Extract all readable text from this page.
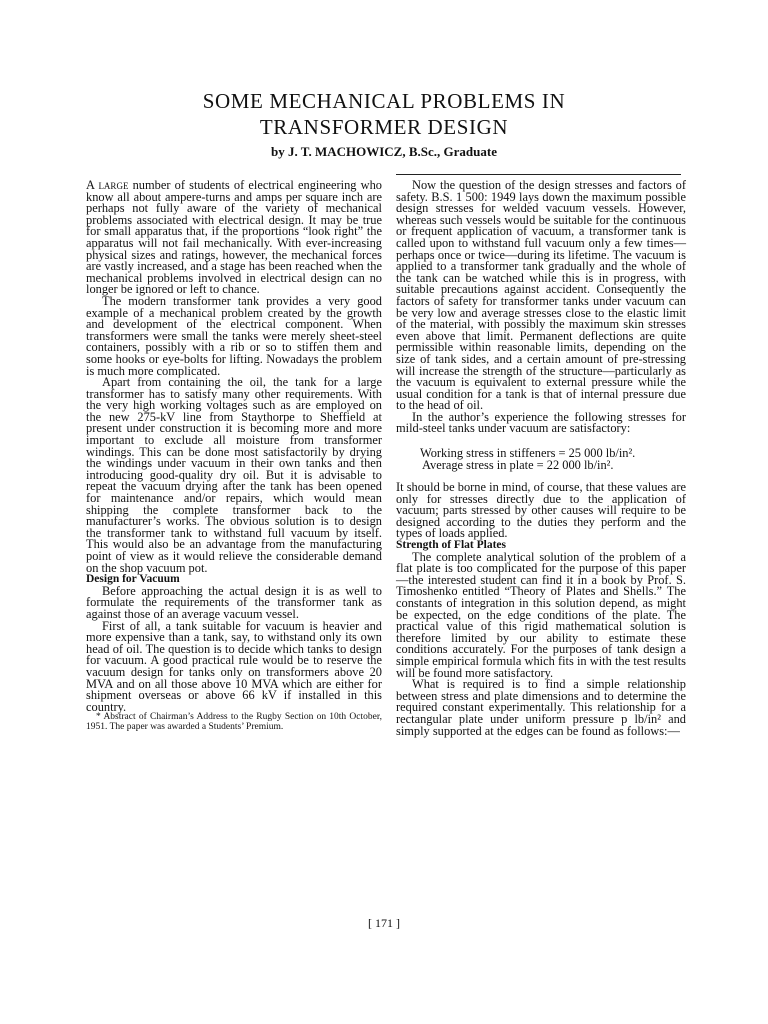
SOME MECHANICAL PROBLEMS IN
TRANSFORMER DESIGN
by J. T. MACHOWICZ, B.Sc., Graduate

A large number of students of electrical engineering who know all about ampere-turns and amps per square inch are perhaps not fully aware of the variety of mechanical problems associated with electrical design. It may be true for small apparatus that, if the proportions “look right” the apparatus will not fail mechanically. With ever-increasing physical sizes and ratings, however, the mechanical forces are vastly increased, and a stage has been reached when the mechanical problems involved in electrical design can no longer be ignored or left to chance.

The modern transformer tank provides a very good example of a mechanical problem created by the growth and development of the electrical component. When transformers were small the tanks were merely sheet-steel containers, possibly with a rib or so to stiffen them and some hooks or eye-bolts for lifting. Nowadays the problem is much more complicated.

Apart from containing the oil, the tank for a large transformer has to satisfy many other requirements. With the very high working voltages such as are employed on the new 275-kV line from Staythorpe to Sheffield at present under construction it is becoming more and more important to exclude all moisture from transformer windings. This can be done most satisfactorily by drying the windings under vacuum in their own tanks and then introducing good-quality dry oil. But it is advisable to repeat the vacuum drying after the tank has been opened for maintenance and/or repairs, which would mean shipping the complete transformer back to the manufacturer’s works. The obvious solution is to design the transformer tank to withstand full vacuum by itself. This would also be an advantage from the manufacturing point of view as it would relieve the considerable demand on the shop vacuum pot.

Design for Vacuum

Before approaching the actual design it is as well to formulate the requirements of the transformer tank as against those of an average vacuum vessel.

First of all, a tank suitable for vacuum is heavier and more expensive than a tank, say, to withstand only its own head of oil. The question is to decide which tanks to design for vacuum. A good practical rule would be to reserve the vacuum design for tanks only on transformers above 20 MVA and on all those above 10 MVA which are either for shipment overseas or above 66 kV if installed in this country.

* Abstract of Chairman’s Address to the Rugby Section on 10th October, 1951. The paper was awarded a Students’ Premium.

Now the question of the design stresses and factors of safety. B.S. 1 500: 1949 lays down the maximum possible design stresses for welded vacuum vessels. However, whereas such vessels would be suitable for the continuous or frequent application of vacuum, a transformer tank is called upon to withstand full vacuum only a few times—perhaps once or twice—during its lifetime. The vacuum is applied to a transformer tank gradually and the whole of the tank can be watched while this is in progress, with suitable precautions against accident. Consequently the factors of safety for transformer tanks under vacuum can be very low and average stresses close to the elastic limit of the material, with possibly the maximum skin stresses even above that limit. Permanent deflections are quite permissible within reasonable limits, depending on the size of tank sides, and a certain amount of pre-stressing will increase the strength of the structure—particularly as the vacuum is equivalent to external pressure while the usual condition for a tank is that of internal pressure due to the head of oil.

In the author’s experience the following stresses for mild-steel tanks under vacuum are satisfactory:

Working stress in stiffeners = 25 000 lb/in².
Average stress in plate = 22 000 lb/in².

It should be borne in mind, of course, that these values are only for stresses directly due to the application of vacuum; parts stressed by other causes will require to be designed according to the duties they perform and the types of loads applied.

Strength of Flat Plates

The complete analytical solution of the problem of a flat plate is too complicated for the purpose of this paper—the interested student can find it in a book by Prof. S. Timoshenko entitled “Theory of Plates and Shells.” The constants of integration in this solution depend, as might be expected, on the edge conditions of the plate. The practical value of this rigid mathematical solution is therefore limited by our ability to estimate these conditions accurately. For the purposes of tank design a simple empirical formula which fits in with the test results will be found more satisfactory.

What is required is to find a simple relationship between stress and plate dimensions and to determine the required constant experimentally. This relationship for a rectangular plate under uniform pressure p lb/in² and simply supported at the edges can be found as follows:—

[ 171 ]
